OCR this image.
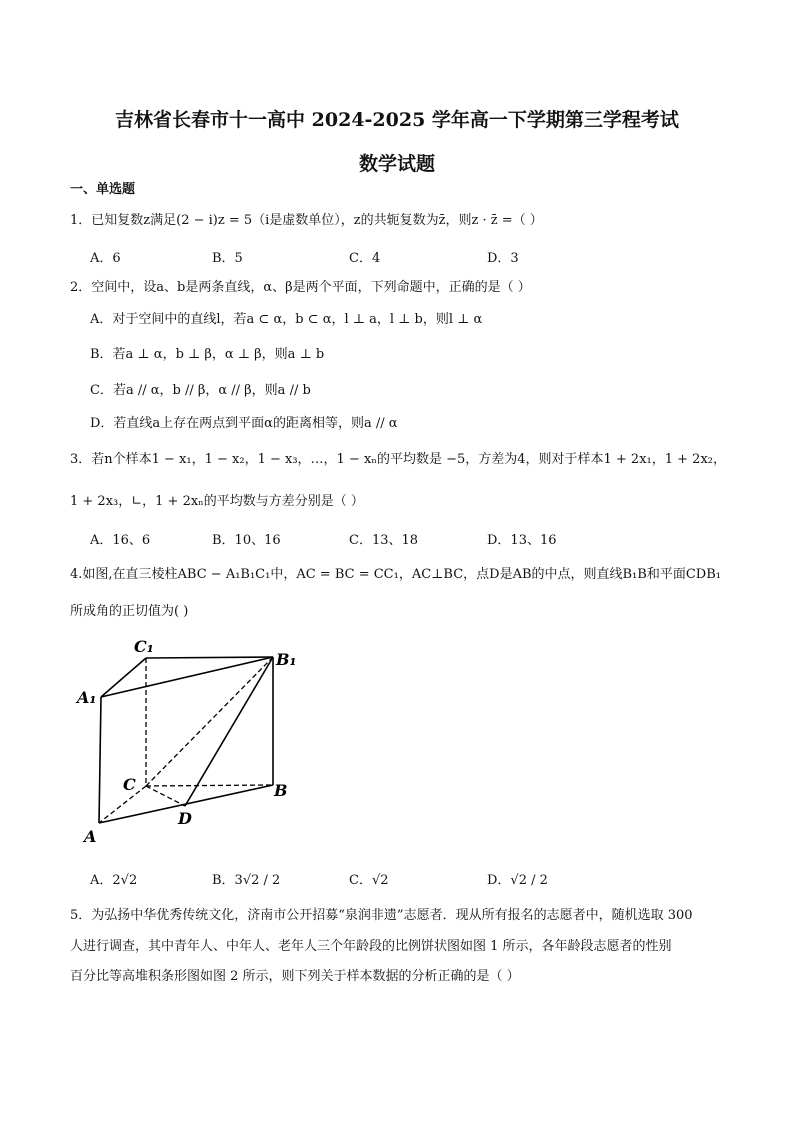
吉林省长春市十一高中 2024-2025 学年高一下学期第三学程考试
数学试题
一、单选题
1．已知复数z满足(2 − i)z = 5（i是虚数单位），z的共轭复数为z̄，则z · z̄ =（ ）
A．6	B．5	C．4	D．3
2．空间中，设a、b是两条直线，α、β是两个平面，下列命题中，正确的是（ ）
A．对于空间中的直线l，若a ⊂ α，b ⊂ α，l ⊥ a，l ⊥ b，则l ⊥ α
B．若a ⊥ α，b ⊥ β，α ⊥ β，则a ⊥ b
C．若a // α，b // β，α // β，则a // b
D．若直线a上存在两点到平面α的距离相等，则a // α
3．若n个样本1 − x₁，1 − x₂，1 − x₃，…，1 − xₙ的平均数是 −5，方差为4，则对于样本1 + 2x₁，1 + 2x₂，
1 + 2x₃，∟，1 + 2xₙ的平均数与方差分别是（ ）
A．16、6	B．10、16	C．13、18	D．13、16
4.如图,在直三棱柱ABC − A₁B₁C₁中，AC = BC = CC₁，AC⊥BC，点D是AB的中点，则直线B₁B和平面CDB₁
所成角的正切值为( )
C₁
B₁
A₁
C	B
A
D
A．2√2	B．3√2 / 2	C．√2	D．√2 / 2
5．为弘扬中华优秀传统文化，济南市公开招募“泉润非遗”志愿者．现从所有报名的志愿者中，随机选取 300
人进行调查，其中青年人、中年人、老年人三个年龄段的比例饼状图如图 1 所示，各年龄段志愿者的性别
百分比等高堆积条形图如图 2 所示，则下列关于样本数据的分析正确的是（ ）
